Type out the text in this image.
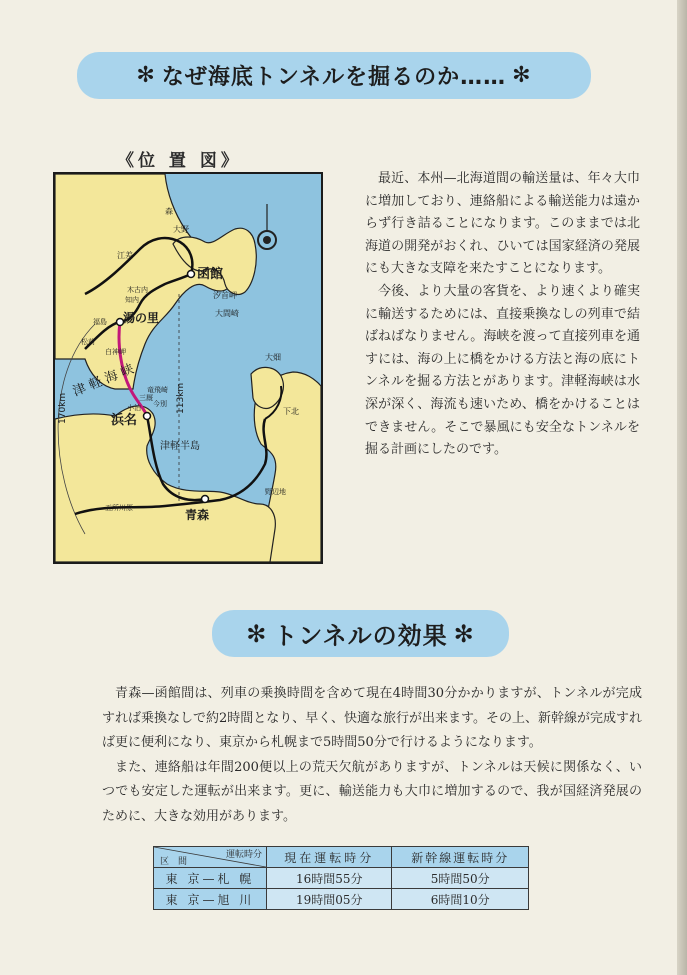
✻ なぜ海底トンネルを掘るのか…… ✻
《位 置 図》
函館
湯の里
浜名
青森
津 軽 海 峡
津軽半島
170km	113km
大野
江差
森
汐首岬
大間崎
大畑
下北
竜飛崎
小泊 今別
福島
知内
木古内
松前
白神岬
五所川原
野辺地
三厩

最近、本州—北海道間の輸送量は、年々大巾に増加しており、連絡船による輸送能力は遠からず行き詰ることになります。このままでは北海道の開発がおくれ、ひいては国家経済の発展にも大きな支障を来たすことになります。

今後、より大量の客貨を、より速くより確実に輸送するためには、直接乗換なしの列車で結ばねばなりません。海峡を渡って直接列車を通すには、海の上に橋をかける方法と海の底にトンネルを掘る方法とがあります。津軽海峡は水深が深く、海流も速いため、橋をかけることはできません。そこで暴風にも安全なトンネルを掘る計画にしたのです。

✻ トンネルの効果 ✻

青森—函館間は、列車の乗換時間を含めて現在4時間30分かかりますが、トンネルが完成すれば乗換なしで約2時間となり、早く、快適な旅行が出来ます。その上、新幹線が完成すれば更に便利になり、東京から札幌まで5時間50分で行けるようになります。

また、連絡船は年間200便以上の荒天欠航がありますが、トンネルは天候に関係なく、いつでも安定した運転が出来ます。更に、輸送能力も大巾に増加するので、我が国経済発展のために、大きな効用があります。

運転時分
区　間	現在運転時分	新幹線運転時分
東 京—札 幌	16時間55分	5時間50分
東 京—旭 川	19時間05分	6時間10分
